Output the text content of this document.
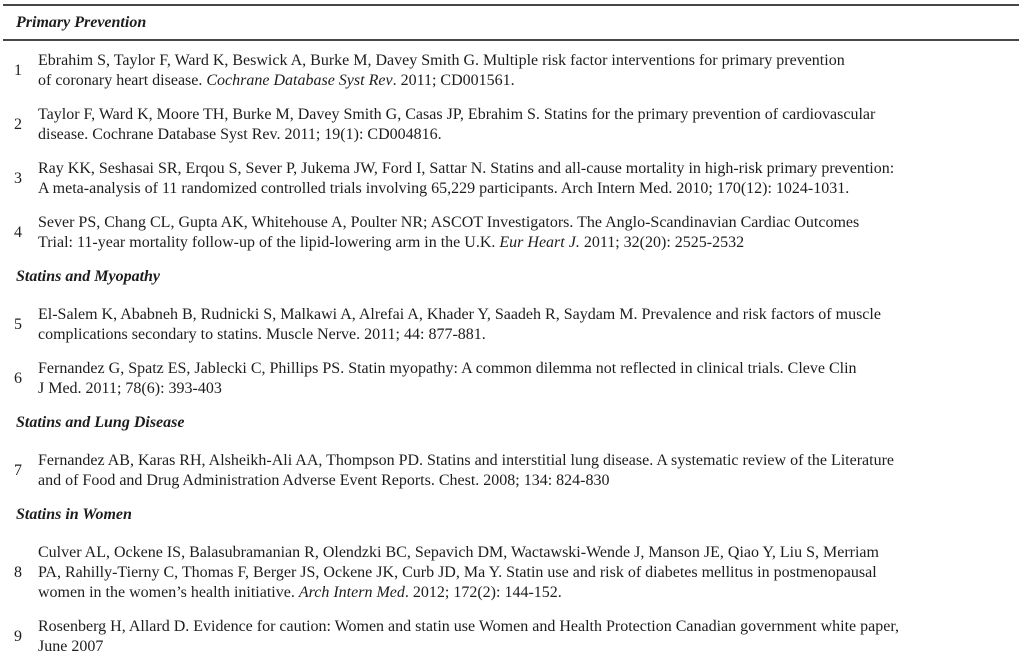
Primary Prevention
1
Ebrahim S, Taylor F, Ward K, Beswick A, Burke M, Davey Smith G. Multiple risk factor interventions for primary prevention
of coronary heart disease. Cochrane Database Syst Rev. 2011; CD001561.
2
Taylor F, Ward K, Moore TH, Burke M, Davey Smith G, Casas JP, Ebrahim S. Statins for the primary prevention of cardiovascular
disease. Cochrane Database Syst Rev. 2011; 19(1): CD004816.
3
Ray KK, Seshasai SR, Erqou S, Sever P, Jukema JW, Ford I, Sattar N. Statins and all-cause mortality in high-risk primary prevention:
A meta-analysis of 11 randomized controlled trials involving 65,229 participants. Arch Intern Med. 2010; 170(12): 1024-1031.
4
Sever PS, Chang CL, Gupta AK, Whitehouse A, Poulter NR; ASCOT Investigators. The Anglo-Scandinavian Cardiac Outcomes
Trial: 11-year mortality follow-up of the lipid-lowering arm in the U.K. Eur Heart J. 2011; 32(20): 2525-2532
Statins and Myopathy
5
El-Salem K, Ababneh B, Rudnicki S, Malkawi A, Alrefai A, Khader Y, Saadeh R, Saydam M. Prevalence and risk factors of muscle
complications secondary to statins. Muscle Nerve. 2011; 44: 877-881.
6
Fernandez G, Spatz ES, Jablecki C, Phillips PS. Statin myopathy: A common dilemma not reflected in clinical trials. Cleve Clin
J Med. 2011; 78(6): 393-403
Statins and Lung Disease
7
Fernandez AB, Karas RH, Alsheikh-Ali AA, Thompson PD. Statins and interstitial lung disease. A systematic review of the Literature
and of Food and Drug Administration Adverse Event Reports. Chest. 2008; 134: 824-830
Statins in Women
8
Culver AL, Ockene IS, Balasubramanian R, Olendzki BC, Sepavich DM, Wactawski-Wende J, Manson JE, Qiao Y, Liu S, Merriam
PA, Rahilly-Tierny C, Thomas F, Berger JS, Ockene JK, Curb JD, Ma Y. Statin use and risk of diabetes mellitus in postmenopausal
women in the women’s health initiative. Arch Intern Med. 2012; 172(2): 144-152.
9
Rosenberg H, Allard D. Evidence for caution: Women and statin use Women and Health Protection Canadian government white paper,
June 2007
